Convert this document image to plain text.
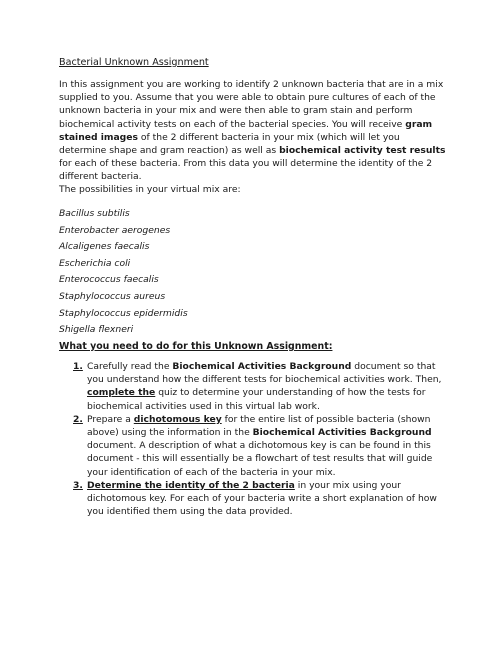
Bacterial Unknown Assignment

In this assignment you are working to identify 2 unknown bacteria that are in a mix supplied to you. Assume that you were able to obtain pure cultures of each of the unknown bacteria in your mix and were then able to gram stain and perform biochemical activity tests on each of the bacterial species. You will receive gram stained images of the 2 different bacteria in your mix (which will let you determine shape and gram reaction) as well as biochemical activity test results for each of these bacteria. From this data you will determine the identity of the 2 different bacteria.

The possibilities in your virtual mix are:

Bacillus subtilis
Enterobacter aerogenes
Alcaligenes faecalis
Escherichia coli
Enterococcus faecalis
Staphylococcus aureus
Staphylococcus epidermidis
Shigella flexneri
What you need to do for this Unknown Assignment:
1. Carefully read the Biochemical Activities Background document so that you understand how the different tests for biochemical activities work. Then, complete the quiz to determine your understanding of how the tests for biochemical activities used in this virtual lab work.
2. Prepare a dichotomous key for the entire list of possible bacteria (shown above) using the information in the Biochemical Activities Background document. A description of what a dichotomous key is can be found in this document - this will essentially be a flowchart of test results that will guide your identification of each of the bacteria in your mix.
3. Determine the identity of the 2 bacteria in your mix using your dichotomous key. For each of your bacteria write a short explanation of how you identified them using the data provided.
